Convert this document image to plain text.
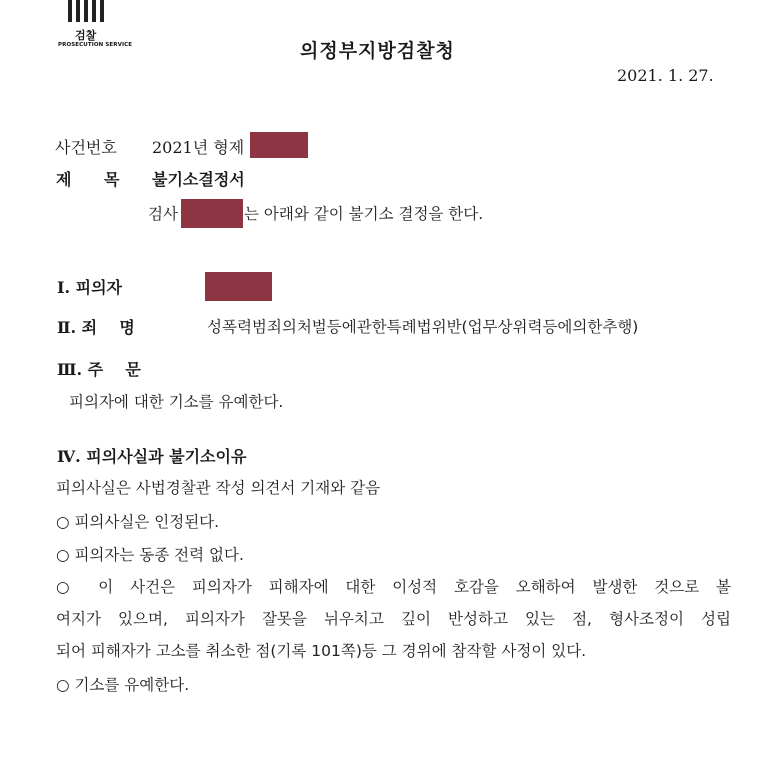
검찰
PROSECUTION SERVICE	의정부지방검찰청
2021. 1. 27.
사건번호 2021년 형제
제 목 불기소결정서
검사	는 아래와 같이 불기소 결정을 한다.
Ⅰ. 피의자
Ⅱ. 죄    명	성폭력범죄의처벌등에관한특례법위반(업무상위력등에의한추행)
Ⅲ. 주    문
피의자에 대한 기소를 유예한다.
Ⅳ. 피의사실과 불기소이유
피의사실은 사법경찰관 작성 의견서 기재와 같음
○ 피의사실은 인정된다.
○ 피의자는 동종 전력 없다.
○ 이 사건은 피의자가 피해자에 대한 이성적 호감을 오해하여 발생한 것으로 볼
여지가 있으며, 피의자가 잘못을 뉘우치고 깊이 반성하고 있는 점, 형사조정이 성립
되어 피해자가 고소를 취소한 점(기록 101쪽)등 그 경위에 참작할 사정이 있다.
○ 기소를 유예한다.
